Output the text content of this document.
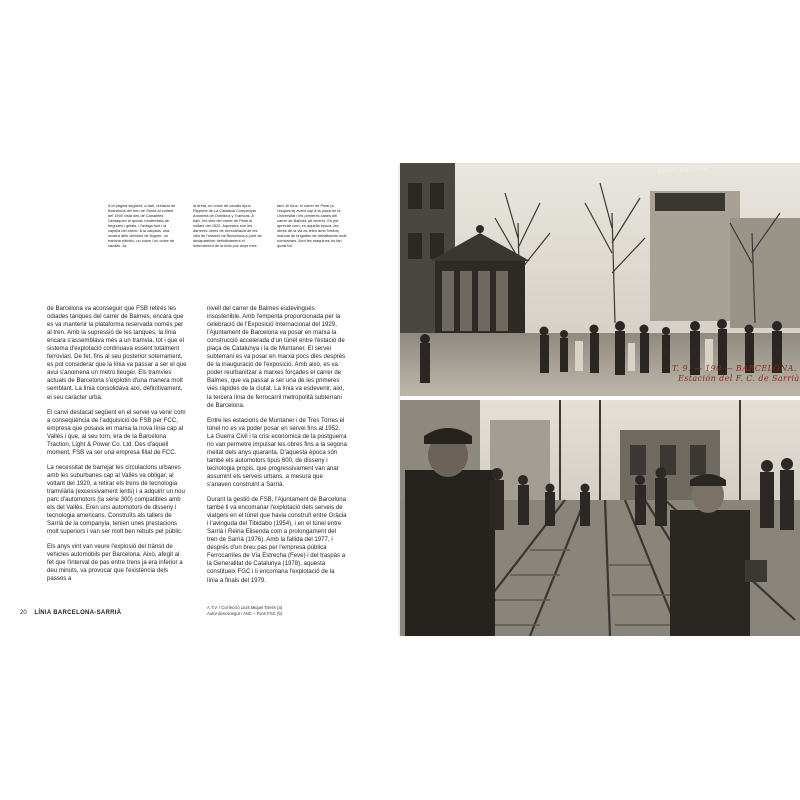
A la pàgina següent, a dalt, l'estació de Barcelona del tren de Sarrià al voltant del 1900 vista des de Canaletes. Destaquen el quiosc modernista de begudes i gelats, i l'antiga font i la capella del carrer. A la calçada, una mostra dels vehicles de lloguer; un tramvia elèctric, un cotxe i un cotxe de cavalls. Ja

la dreta, un cotxe de cavalls tipus Ripperts de La Catalana Companyia Anònima de Omnibus y Tranvías. A baix, les vies del carrer de Pelai al voltant del 1922. Aquestes són les darreres obres de remodelació de les vies de l'estació de Barcelona a punt de desaparèixer definitivament el soterrament de la línia poc anys més

tard. Al fons, el carrer de Pelai (a l'esquerra) avant cap a la plaça de la Universitat i les primeres cases del carrer de Balmes (al centre). Es pot apreciar com, en aquella època, les obres de la via es feien amb l'esforç manual de brigades de treballadors molt nombroses. Avui les màquines ho fan quasi tot.

de Barcelona va aconseguir que FSB retirés les odiades tanques del carrer de Balmes, encara que es va mantenir la plataforma reservada només per al tren. Amb la supressió de les tanques, la línia encara s'assemblava més a un tramvia, tot i que el sistema d'explotació continuava essent totalment ferroviari. De fet, fins al seu posterior soterrament, es pot considerar que la línia va passar a ser el que avui s'anomena un metro lleuger. Els tramvies actuals de Barcelona s'explotin d'una manera molt semblant. La línia consolidava així, definitivament, el seu caràcter urbà.

El canvi destacat següent en el servei va venir com a conseqüència de l'adquisició de FSB per FCC, empresa que posava en marxa la nova línia cap al Vallès i que, al seu torn, era de la Barcelona Traction, Light & Power Co. Ltd. Des d'aquell moment, FSB va ser una empresa filial de FCC.

La necessitat de barrejar les circulacions urbanes amb les suburbanes cap al Vallès va obligar, al voltant del 1920, a retirar els trens de tecnologia tramviària (excessivament lents) i a adquirir un nou parc d'automotors (la sèrie 300) compatibles amb els del Vallès. Eren uns automotors de disseny i tecnologia americans. Construïts als tallers de Sarrià de la companyia, tenien unes prestacions molt superiors i van ser molt ben rebuts pel públic.

Els anys vint van veure l'explosió del trànsit de vehicles automòbils per Barcelona. Això, afegit al fet que l'interval de pas entre trens ja era inferior a deu minuts, va provocar que l'existència dels passos a

nivell del carrer de Balmes esdevingués insostenible. Amb l'empenta proporcionada per la celebració de l'Exposició Internacional del 1929, l'Ajuntament de Barcelona va posar en marxa la construcció accelerada d'un túnel entre l'estació de plaça de Catalunya i la de Muntaner. El servei subterrani es va posar en marxa pocs dies després de la inauguració de l'exposició. Amb això, es va poder reurbanitzar a marxes forçades el carrer de Balmes, que va passar a ser una de les primeres vies ràpides de la ciutat. La línia va esdevenir, així, la tercera línia de ferrocarril metropolità subterrani de Barcelona.

Entre les estacions de Muntaner i de Tres Torres el túnel no es va poder posar en servei fins al 1952. La Guerra Civil i la crisi econòmica de la postguerra no van permetre impulsar les obres fins a la segona meitat dels anys quaranta. D'aquesta època són també els automotors tipus 600, de disseny i tecnologia propis, que progressivament van anar assumint els serveis urbans, a mesura que s'anaven construint a Sarrià.

Durant la gestió de FSB, l'Ajuntament de Barcelona també li va encomanar l'explotació dels serveis de viatgers en el túnel que havia construït entre Gràcia i l'avinguda del Tibidabo (1954), i en el túnel entre Sarrià i Reina Elisenda com a prolongament del tren de Sarrià (1976). Amb la fallida del 1977, i després d'un breu pas per l'empresa pública Ferrocarriles de Vía Estrecha (Feve) i del traspàs a la Generalitat de Catalunya (1978), aquesta constitueix FGC i li encomana l'explotació de la línia a finals del 1979.

20 LÍNIA BARCELONA-SARRIÀ
A.T.V. / Col·lecció Lluís Miquel Tarrés (a)
Autor desconegut / ANC – Fons FGC (b)
ERNO MARIANI
T. 9. — 190 — BARCELONA.
Estación del F. C. de Sarrià
